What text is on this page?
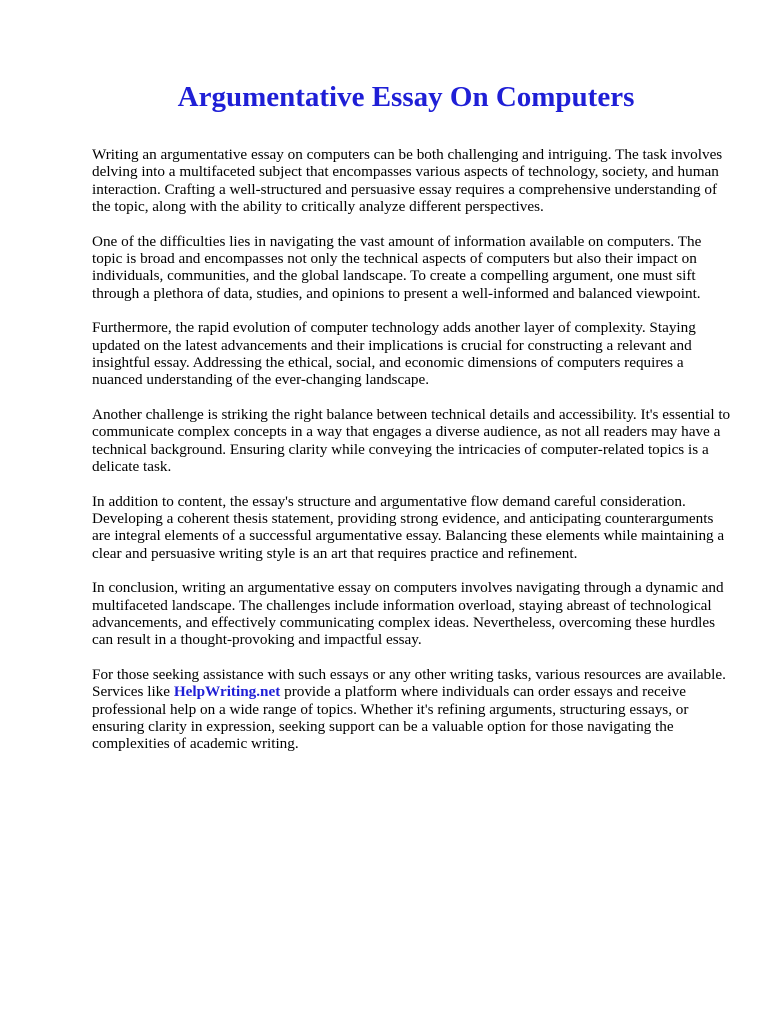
Argumentative Essay On Computers

Writing an argumentative essay on computers can be both challenging and intriguing. The task involves delving into a multifaceted subject that encompasses various aspects of technology, society, and human interaction. Crafting a well-structured and persuasive essay requires a comprehensive understanding of the topic, along with the ability to critically analyze different perspectives.

One of the difficulties lies in navigating the vast amount of information available on computers. The topic is broad and encompasses not only the technical aspects of computers but also their impact on individuals, communities, and the global landscape. To create a compelling argument, one must sift through a plethora of data, studies, and opinions to present a well-informed and balanced viewpoint.

Furthermore, the rapid evolution of computer technology adds another layer of complexity. Staying updated on the latest advancements and their implications is crucial for constructing a relevant and insightful essay. Addressing the ethical, social, and economic dimensions of computers requires a nuanced understanding of the ever-changing landscape.

Another challenge is striking the right balance between technical details and accessibility. It's essential to communicate complex concepts in a way that engages a diverse audience, as not all readers may have a technical background. Ensuring clarity while conveying the intricacies of computer-related topics is a delicate task.

In addition to content, the essay's structure and argumentative flow demand careful consideration. Developing a coherent thesis statement, providing strong evidence, and anticipating counterarguments are integral elements of a successful argumentative essay. Balancing these elements while maintaining a clear and persuasive writing style is an art that requires practice and refinement.

In conclusion, writing an argumentative essay on computers involves navigating through a dynamic and multifaceted landscape. The challenges include information overload, staying abreast of technological advancements, and effectively communicating complex ideas. Nevertheless, overcoming these hurdles can result in a thought-provoking and impactful essay.

For those seeking assistance with such essays or any other writing tasks, various resources are available. Services like HelpWriting.net provide a platform where individuals can order essays and receive professional help on a wide range of topics. Whether it's refining arguments, structuring essays, or ensuring clarity in expression, seeking support can be a valuable option for those navigating the complexities of academic writing.
